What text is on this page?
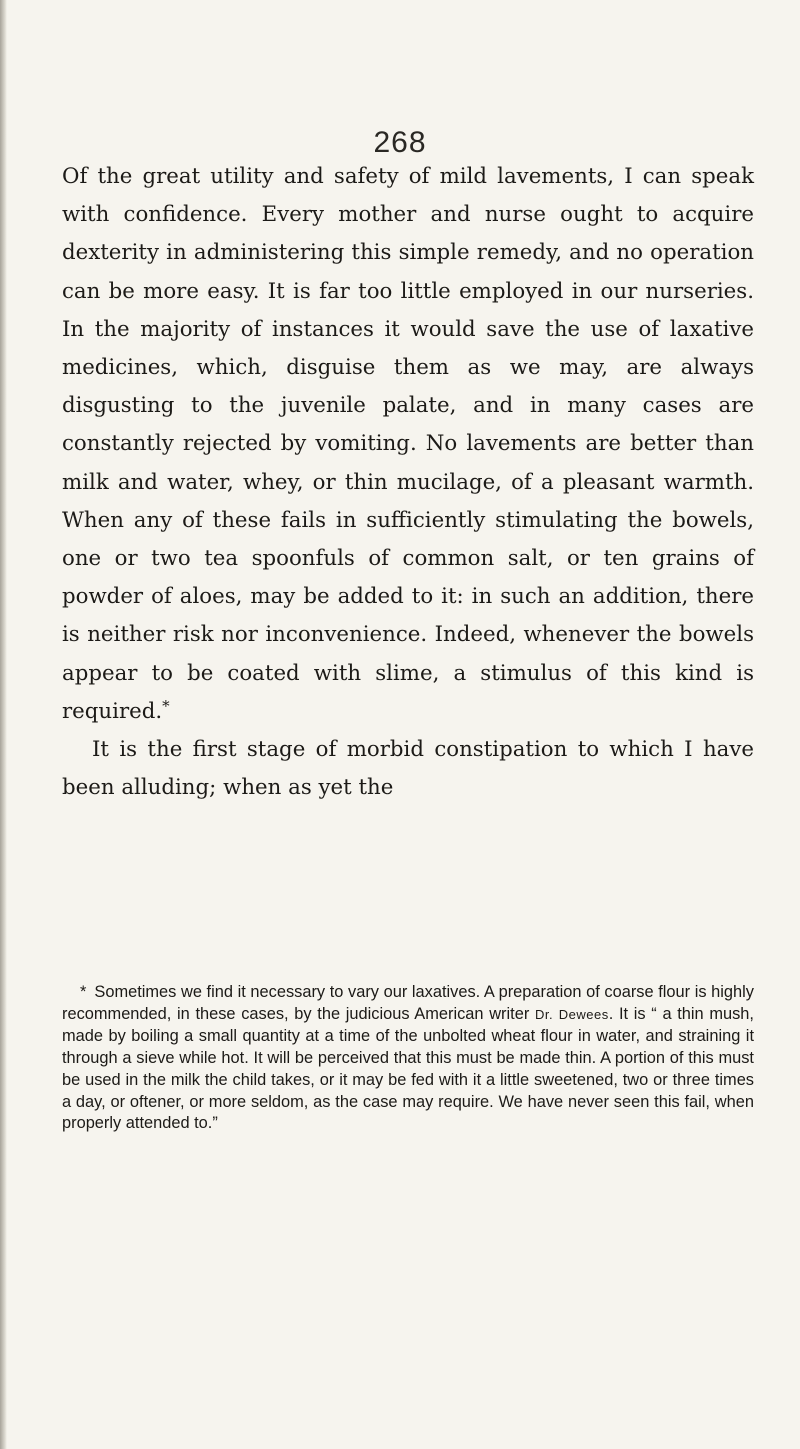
268

Of the great utility and safety of mild lavements, I can speak with confidence. Every mother and nurse ought to acquire dexterity in administering this simple remedy, and no operation can be more easy. It is far too little employed in our nurseries. In the majority of instances it would save the use of laxative medicines, which, disguise them as we may, are always disgusting to the juvenile palate, and in many cases are constantly rejected by vomiting. No lavements are better than milk and water, whey, or thin mucilage, of a pleasant warmth. When any of these fails in sufficiently stimulating the bowels, one or two tea spoonfuls of common salt, or ten grains of powder of aloes, may be added to it: in such an addition, there is neither risk nor inconvenience. Indeed, whenever the bowels appear to be coated with slime, a stimulus of this kind is required.*

It is the first stage of morbid constipation to which I have been alluding; when as yet the

* Sometimes we find it necessary to vary our laxatives. A preparation of coarse flour is highly recommended, in these cases, by the judicious American writer Dr. Dewees. It is “ a thin mush, made by boiling a small quantity at a time of the unbolted wheat flour in water, and straining it through a sieve while hot. It will be perceived that this must be made thin. A portion of this must be used in the milk the child takes, or it may be fed with it a little sweetened, two or three times a day, or oftener, or more seldom, as the case may require. We have never seen this fail, when properly attended to.”
